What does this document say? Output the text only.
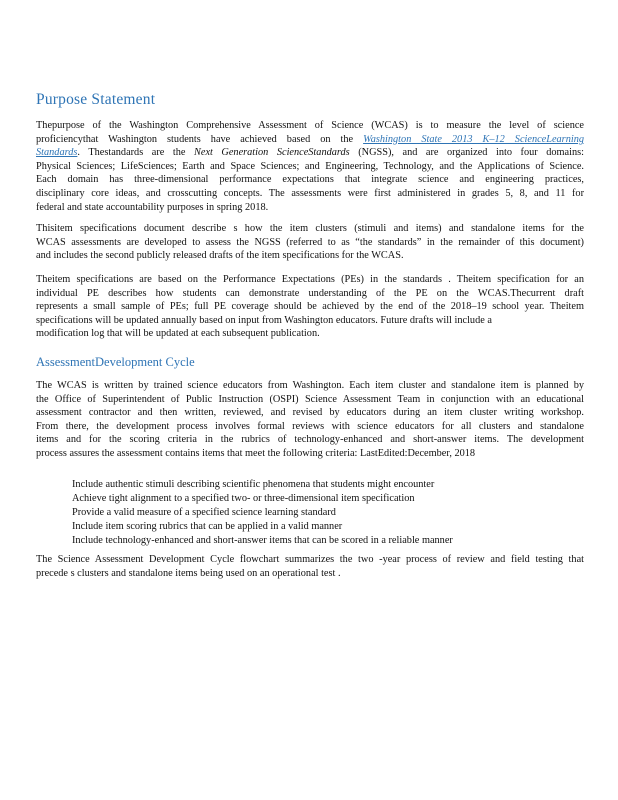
Purpose Statement
Thepurpose of the Washington Comprehensive Assessment of Science (WCAS) is to measure the level of science
proficiencythat Washington students have achieved based on the Washington State 2013 K–12 ScienceLearning
Standards. Thestandards are the Next Generation ScienceStandards (NGSS), and are organized into four domains:
Physical Sciences; LifeSciences; Earth and Space Sciences; and Engineering, Technology, and the Applications of Science.
Each domain has three-dimensional performance expectations that integrate science and engineering practices,
disciplinary core ideas, and crosscutting concepts. The assessments were first administered in grades 5, 8, and 11 for
federal and state accountability purposes in spring 2018.
Thisitem specifications document describe s how the item clusters (stimuli and items) and standalone items for the
WCAS assessments are developed to assess the NGSS (referred to as “the standards” in the remainder of this document)
and includes the second publicly released drafts of the item specifications for the WCAS.
Theitem specifications are based on the Performance Expectations (PEs) in the standards . Theitem specification for an
individual PE describes how students can demonstrate understanding of the PE on the WCAS.Thecurrent draft
represents a small sample of PEs; full PE coverage should be achieved by the end of the 2018–19 school year. Theitem
specifications will be updated annually based on input from Washington educators. Future drafts will include a
modification log that will be updated at each subsequent publication.
AssessmentDevelopment Cycle
The WCAS is written by trained science educators from Washington. Each item cluster and standalone item is planned by
the Office of Superintendent of Public Instruction (OSPI) Science Assessment Team in conjunction with an educational
assessment contractor and then written, reviewed, and revised by educators during an item cluster writing workshop.
From there, the development process involves formal reviews with science educators for all clusters and standalone
items and for the scoring criteria in the rubrics of technology-enhanced and short-answer items. The development
process assures the assessment contains items that meet the following criteria: LastEdited:December, 2018
Include authentic stimuli describing scientific phenomena that students might encounter
Achieve tight alignment to a specified two- or three-dimensional item specification
Provide a valid measure of a specified science learning standard
Include item scoring rubrics that can be applied in a valid manner
Include technology-enhanced and short-answer items that can be scored in a reliable manner
The Science Assessment Development Cycle flowchart summarizes the two -year process of review and field testing that
precede s clusters and standalone items being used on an operational test .
